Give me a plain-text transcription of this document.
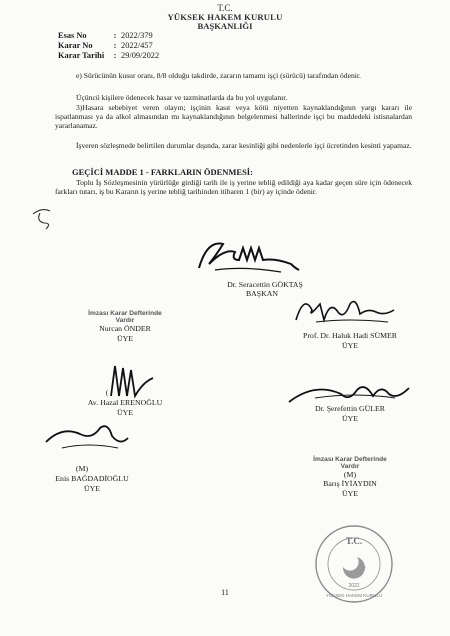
T.C.
YÜKSEK HAKEM KURULU
BAŞKANLIĞI
Esas No	: 2022/379
Karar No	: 2022/457
Karar Tarihi : 29/09/2022
e) Sürücünün kusur oranı, 8/8 olduğu takdirde, zararın tamamı işçi (sürücü) tarafından ödenir.
Üçüncü kişilere ödenecek hasar ve tazminatlarda da bu yol uygulanır.
3)Hasara sebebiyet veren olayın; işçinin kasıt veya kötü niyetten kaynaklandığının yargı kararı ile ispatlanması ya da alkol almasından mı kaynaklandığının belgelenmesi hallerinde işçi bu maddedeki istisnalardan yararlanamaz.
İşveren sözleşmede belirtilen durumlar dışında, zarar kesinliği gibi nedenlerle işçi ücretinden kesinti yapamaz.
GEÇİCİ MADDE 1 - FARKLARIN ÖDENMESİ:
Toplu İş Sözleşmesinin yürürlüğe girdiği tarih ile iş yerine tebliğ edildiği aya kadar geçen süre için ödenecek farkları tutarı, iş bu Kararın iş yerine tebliğ tarihinden itibaren 1 (bir) ay içinde ödenir.
Dr. Seracettin GÖKTAŞ
BAŞKAN
İmzası Karar Defterinde
Vardır
Nurcan ÖNDER
ÜYE	Prof. Dr. Haluk Hadi SÜMER
ÜYE
(
Av. Hazal ERENOĞLU
ÜYE	Dr. Şerefettin GÜLER
ÜYE
(M)
Enis BAĞDADİOĞLU
ÜYE
İmzası Karar Defterinde
Vardır
(M)
Barış İYİAYDIN
ÜYE
T.C.
2022
YÜKSEK HAKEM KURULU
11
